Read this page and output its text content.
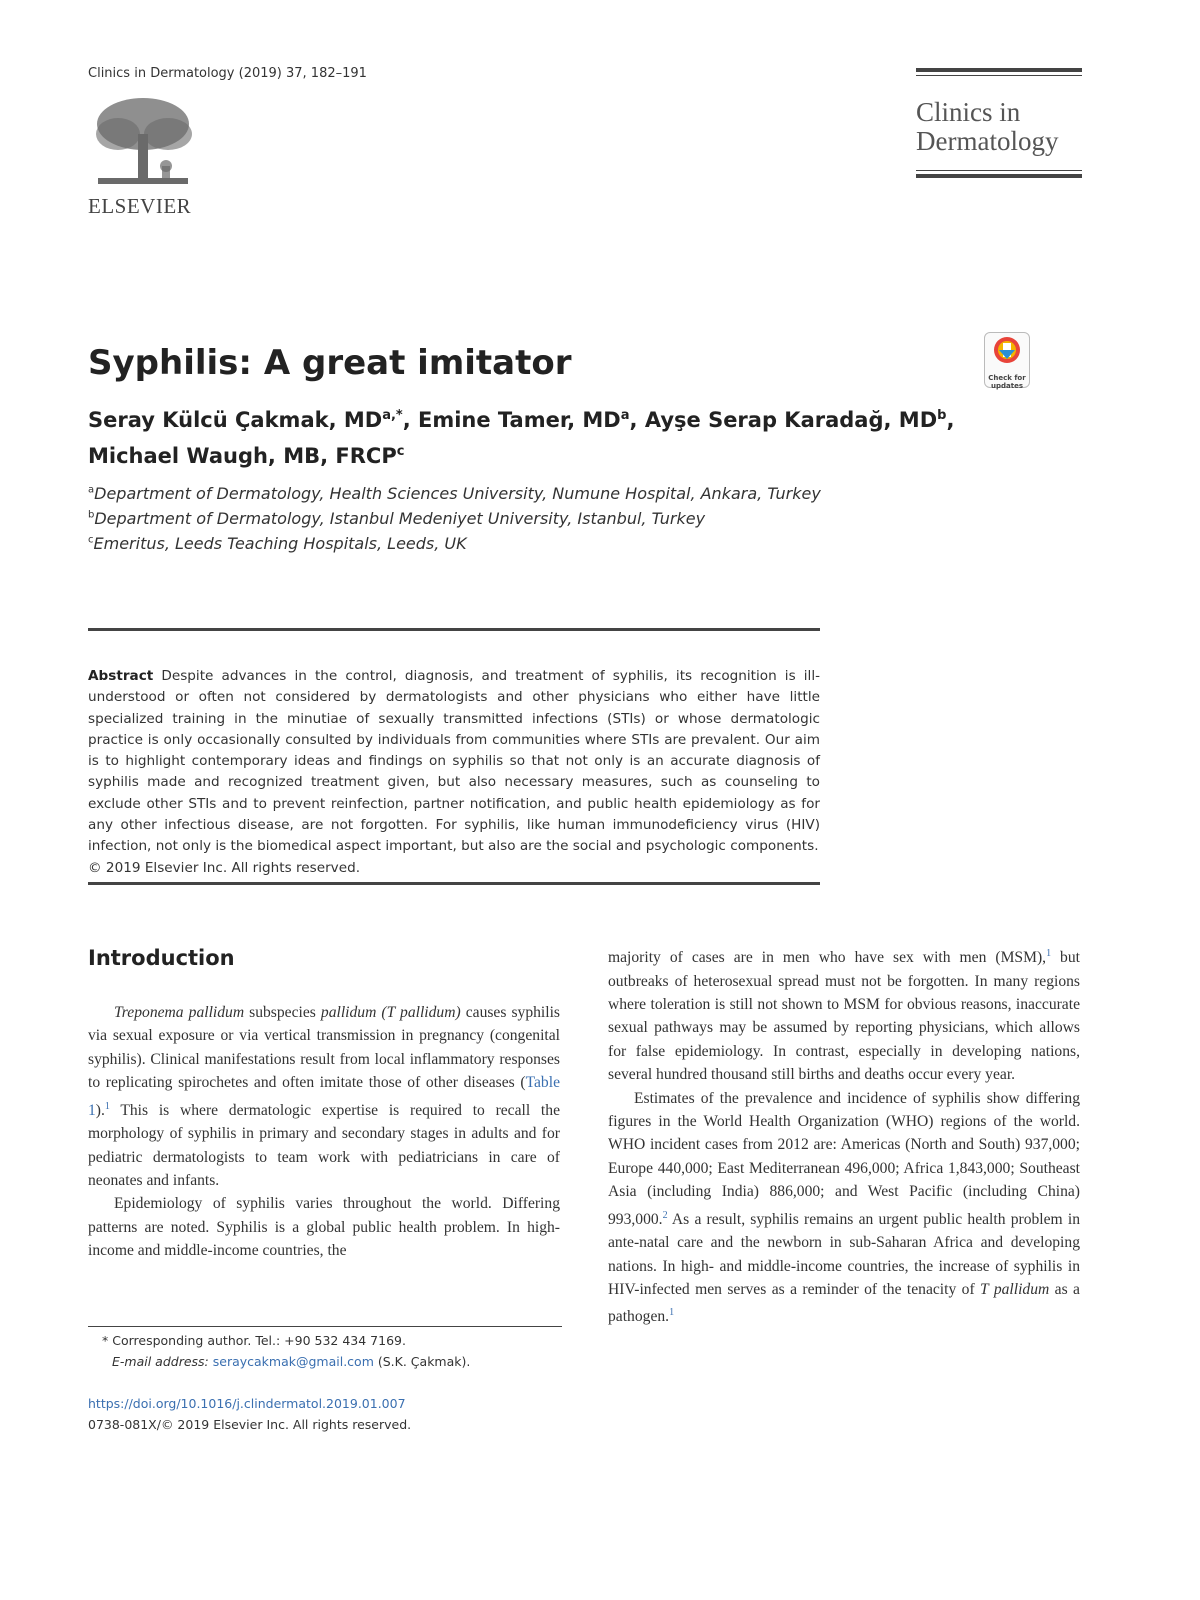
Clinics in Dermatology (2019) 37, 182–191
ELSEVIER
Clinics in
Dermatology
Check for updates
Syphilis: A great imitator
Seray Külcü Çakmak, $MD^{a,*}$, Emine Tamer, $MD^a$, Ayşe Serap Karadağ, $MD^b$,
Michael Waugh, MB, FRCP$^c$
$^a$Department of Dermatology, Health Sciences University, Numune Hospital, Ankara, Turkey
$^b$Department of Dermatology, Istanbul Medeniyet University, Istanbul, Turkey
$^c$Emeritus, Leeds Teaching Hospitals, Leeds, UK
Abstract Despite advances in the control, diagnosis, and treatment of syphilis, its recognition is ill- understood or often not considered by dermatologists and other physicians who either have little specialized training in the minutiae of sexually transmitted infections (STIs) or whose dermatologic practice is only occasionally consulted by individuals from communities where STIs are prevalent. Our aim is to highlight contemporary ideas and findings on syphilis so that not only is an accurate diagnosis of syphilis made and recognized treatment given, but also necessary measures, such as counseling to exclude other STIs and to prevent reinfection, partner notification, and public health epidemiology as for any other infectious disease, are not forgotten. For syphilis, like human immunodeficiency virus (HIV) infection, not only is the biomedical aspect important, but also are the social and psychologic components.
© 2019 Elsevier Inc. All rights reserved.
Introduction

Treponema pallidum subspecies pallidum (T pallidum) causes syphilis via sexual exposure or via vertical transmission in pregnancy (congenital syphilis). Clinical manifestations result from local inflammatory responses to replicating spirochetes and often imitate those of other diseases (Table 1).$^1$ This is where dermatologic expertise is required to recall the morphology of syphilis in primary and secondary stages in adults and for pediatric dermatologists to team work with pediatricians in care of neonates and infants.

Epidemiology of syphilis varies throughout the world. Differing patterns are noted. Syphilis is a global public health problem. In high-income and middle-income countries, the

majority of cases are in men who have sex with men (MSM),$^1$ but outbreaks of heterosexual spread must not be forgotten. In many regions where toleration is still not shown to MSM for obvious reasons, inaccurate sexual pathways may be assumed by reporting physicians, which allows for false epidemiology. In contrast, especially in developing nations, several hundred thousand still births and deaths occur every year.

Estimates of the prevalence and incidence of syphilis show differing figures in the World Health Organization (WHO) regions of the world. WHO incident cases from 2012 are: Americas (North and South) 937,000; Europe 440,000; East Mediterranean 496,000; Africa 1,843,000; Southeast Asia (including India) 886,000; and West Pacific (including China) 993,000.$^2$ As a result, syphilis remains an urgent public health problem in ante-natal care and the newborn in sub-Saharan Africa and developing nations. In high- and middle-income countries, the increase of syphilis in HIV-infected men serves as a reminder of the tenacity of T pallidum as a pathogen.$^1$

* Corresponding author. Tel.: +90 532 434 7169.
E-mail address: seraycakmak@gmail.com (S.K. Çakmak).
https://doi.org/10.1016/j.clindermatol.2019.01.007
0738-081X/© 2019 Elsevier Inc. All rights reserved.
